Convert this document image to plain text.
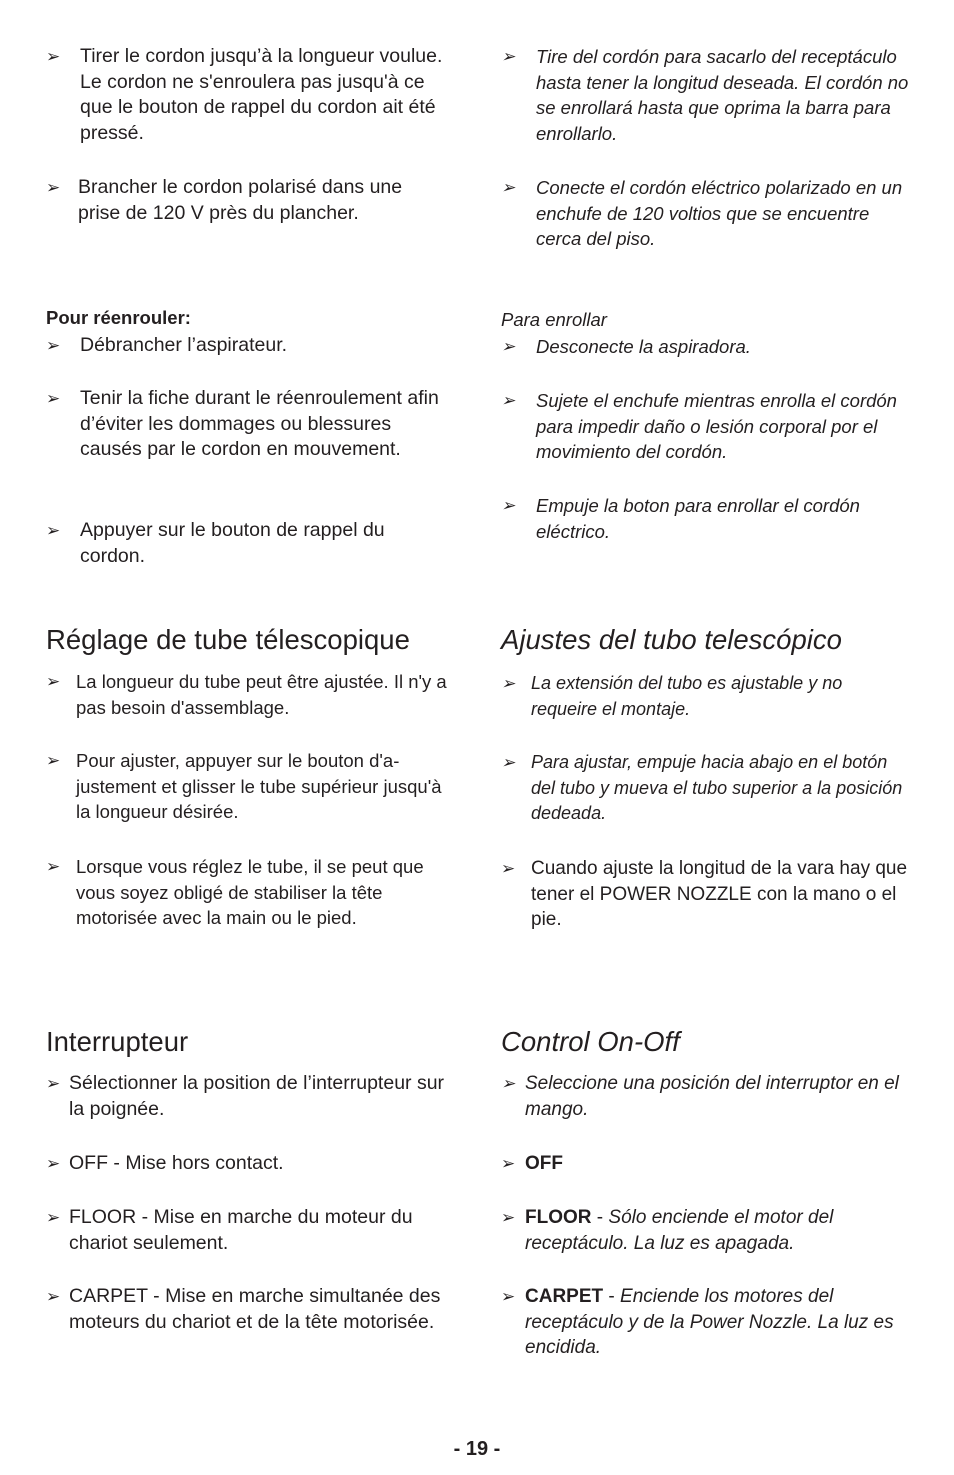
➢	Tirer le cordon jusqu’à la longueur voulue. Le cordon ne s'enroulera pas jusqu'à ce que le bouton de rappel du cordon ait été pressé.
➢ Brancher le cordon polarisé dans une prise de 120 V près du plancher.
Pour réenrouler:
➢	Débrancher l’aspirateur.
➢	Tenir la fiche durant le réenroulement afin d’éviter les dommages ou blessures causés par le cordon en mouvement.
➢	Appuyer sur le bouton de rappel du cordon.
Réglage de tube télescopique
➢ La longueur du tube peut être ajustée. Il n'y a pas besoin d'assemblage.
➢ Pour ajuster, appuyer sur le bouton d'ajustement et glisser le tube supérieur jusqu'à la longueur désirée.
➢ Lorsque vous réglez le tube, il se peut que vous soyez obligé de stabiliser la tête motorisée avec la main ou le pied.
Interrupteur
➢ Sélectionner la position de l’interrupteur sur la poignée.
➢ OFF - Mise hors contact.
➢ FLOOR - Mise en marche du moteur du chariot seulement.
➢ CARPET - Mise en marche simultanée des moteurs du chariot et de la tête motorisée.
➢	Tire del cordón para sacarlo del receptáculo hasta tener la longitud deseada. El cordón no se enrollará hasta que oprima la barra para enrollarlo.
➢	Conecte el cordón eléctrico polarizado en un enchufe de 120 voltios que se encuentre cerca del piso.
Para enrollar
➢	Desconecte la aspiradora.
➢	Sujete el enchufe mientras enrolla el cordón para impedir daño o lesión corporal por el movimiento del cordón.
➢	Empuje la boton para enrollar el cordón eléctrico.
Ajustes del tubo telescópico
➢ La extensión del tubo es ajustable y no requeire el montaje.
➢ Para ajustar, empuje hacia abajo en el botón del tubo y mueva el tubo superior a la posición dedeada.
➢ Cuando ajuste la longitud de la vara hay que tener el POWER NOZZLE con la mano o el pie.
Control On-Off
➢ Seleccione una posición del interruptor en el mango.
➢ OFF
➢ FLOOR - Sólo enciende el motor del receptáculo. La luz es apagada.
➢ CARPET - Enciende los motores del receptáculo y de la Power Nozzle. La luz es encidida.
- 19 -
